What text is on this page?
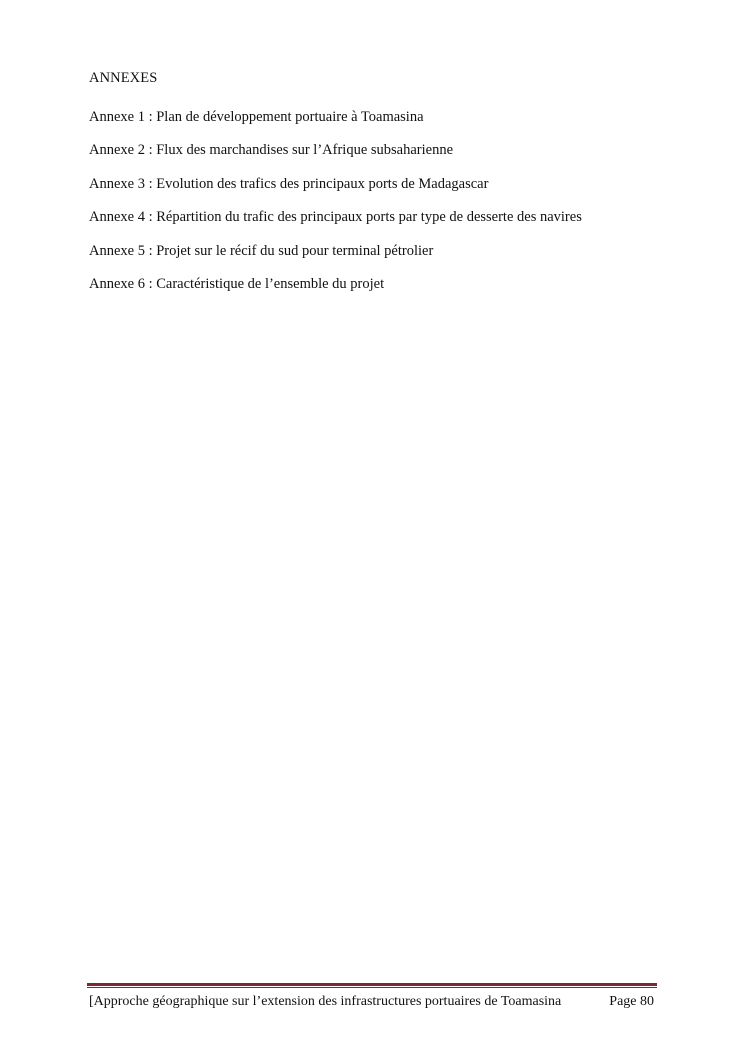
ANNEXES
Annexe 1 : Plan de développement portuaire à Toamasina
Annexe 2 : Flux des marchandises sur l’Afrique subsaharienne
Annexe 3 : Evolution des trafics des principaux ports de Madagascar
Annexe 4 : Répartition du trafic des principaux ports par type de desserte des navires
Annexe 5 : Projet sur le récif du sud pour terminal pétrolier
Annexe 6 : Caractéristique de l’ensemble du projet
[Approche géographique sur l’extension des infrastructures portuaires de Toamasina	Page 80
